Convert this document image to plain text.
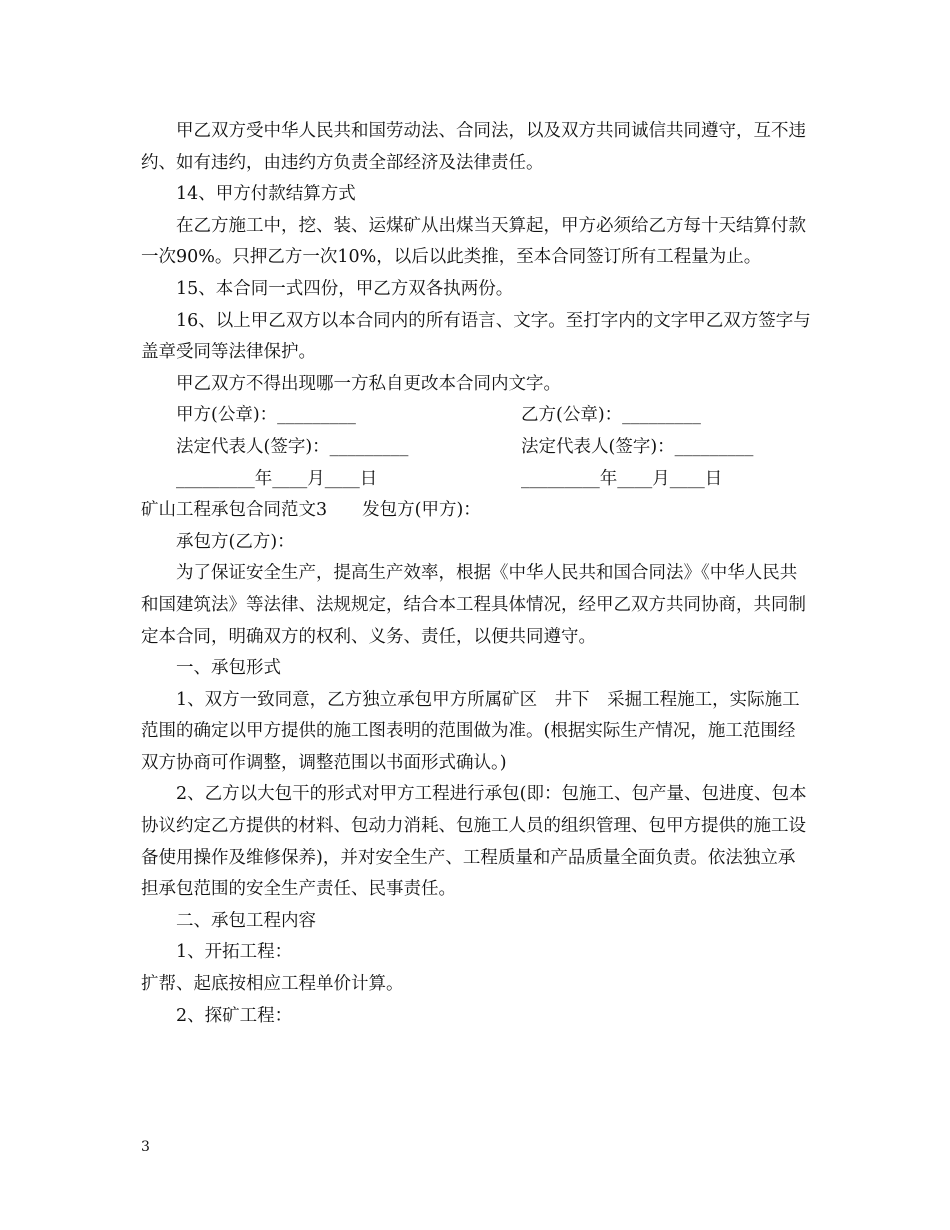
甲乙双方受中华人民共和国劳动法、合同法，以及双方共同诚信共同遵守，互不违约、如有违约，由违约方负责全部经济及法律责任。

14、甲方付款结算方式

在乙方施工中，挖、装、运煤矿从出煤当天算起，甲方必须给乙方每十天结算付款一次90%。只押乙方一次10%，以后以此类推，至本合同签订所有工程量为止。

15、本合同一式四份，甲乙方双各执两份。

16、以上甲乙双方以本合同内的所有语言、文字。至打字内的文字甲乙双方签字与盖章受同等法律保护。

甲乙双方不得出现哪一方私自更改本合同内文字。

甲方(公章)：_________	乙方(公章)：_________
法定代表人(签字)：_________	法定代表人(签字)：_________
_________年____月____日	_________年____月____日

矿山工程承包合同范文3　　发包方(甲方)：

承包方(乙方)：

为了保证安全生产，提高生产效率，根据《中华人民共和国合同法》《中华人民共和国建筑法》等法律、法规规定，结合本工程具体情况，经甲乙双方共同协商，共同制定本合同，明确双方的权利、义务、责任，以便共同遵守。

一、承包形式

1、双方一致同意，乙方独立承包甲方所属矿区　井下　采掘工程施工，实际施工范围的确定以甲方提供的施工图表明的范围做为准。(根据实际生产情况，施工范围经双方协商可作调整，调整范围以书面形式确认。)

2、乙方以大包干的形式对甲方工程进行承包(即：包施工、包产量、包进度、包本协议约定乙方提供的材料、包动力消耗、包施工人员的组织管理、包甲方提供的施工设备使用操作及维修保养)，并对安全生产、工程质量和产品质量全面负责。依法独立承担承包范围的安全生产责任、民事责任。

二、承包工程内容

1、开拓工程：

扩帮、起底按相应工程单价计算。

2、探矿工程：

3
